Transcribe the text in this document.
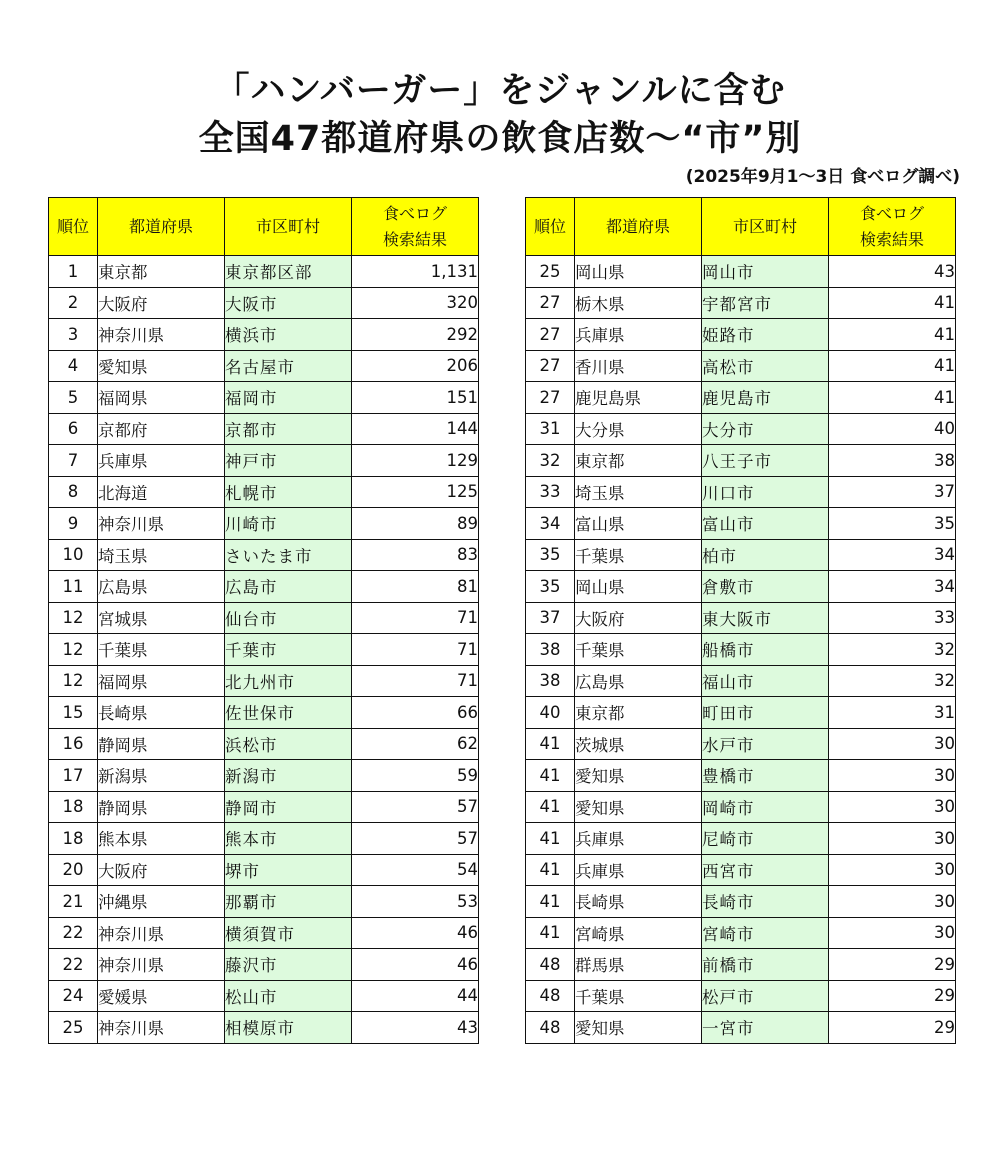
「ハンバーガー」をジャンルに含む
全国47都道府県の飲食店数～“市”別
(2025年9月1～3日 食べログ調べ)
順位	都道府県	市区町村	食べログ
検索結果
1	東京都	東京都区部	1,131
2	大阪府	大阪市	320
3	神奈川県	横浜市	292
4	愛知県	名古屋市	206
5	福岡県	福岡市	151
6	京都府	京都市	144
7	兵庫県	神戸市	129
8	北海道	札幌市	125
9	神奈川県	川崎市	89
10	埼玉県	さいたま市	83
11	広島県	広島市	81
12	宮城県	仙台市	71
12	千葉県	千葉市	71
12	福岡県	北九州市	71
15	長崎県	佐世保市	66
16	静岡県	浜松市	62
17	新潟県	新潟市	59
18	静岡県	静岡市	57
18	熊本県	熊本市	57
20	大阪府	堺市	54
21	沖縄県	那覇市	53
22	神奈川県	横須賀市	46
22	神奈川県	藤沢市	46
24	愛媛県	松山市	44
25	神奈川県	相模原市	43
順位	都道府県	市区町村	食べログ
検索結果
25	岡山県	岡山市	43
27	栃木県	宇都宮市	41
27	兵庫県	姫路市	41
27	香川県	高松市	41
27	鹿児島県	鹿児島市	41
31	大分県	大分市	40
32	東京都	八王子市	38
33	埼玉県	川口市	37
34	富山県	富山市	35
35	千葉県	柏市	34
35	岡山県	倉敷市	34
37	大阪府	東大阪市	33
38	千葉県	船橋市	32
38	広島県	福山市	32
40	東京都	町田市	31
41	茨城県	水戸市	30
41	愛知県	豊橋市	30
41	愛知県	岡崎市	30
41	兵庫県	尼崎市	30
41	兵庫県	西宮市	30
41	長崎県	長崎市	30
41	宮崎県	宮崎市	30
48	群馬県	前橋市	29
48	千葉県	松戸市	29
48	愛知県	一宮市	29
